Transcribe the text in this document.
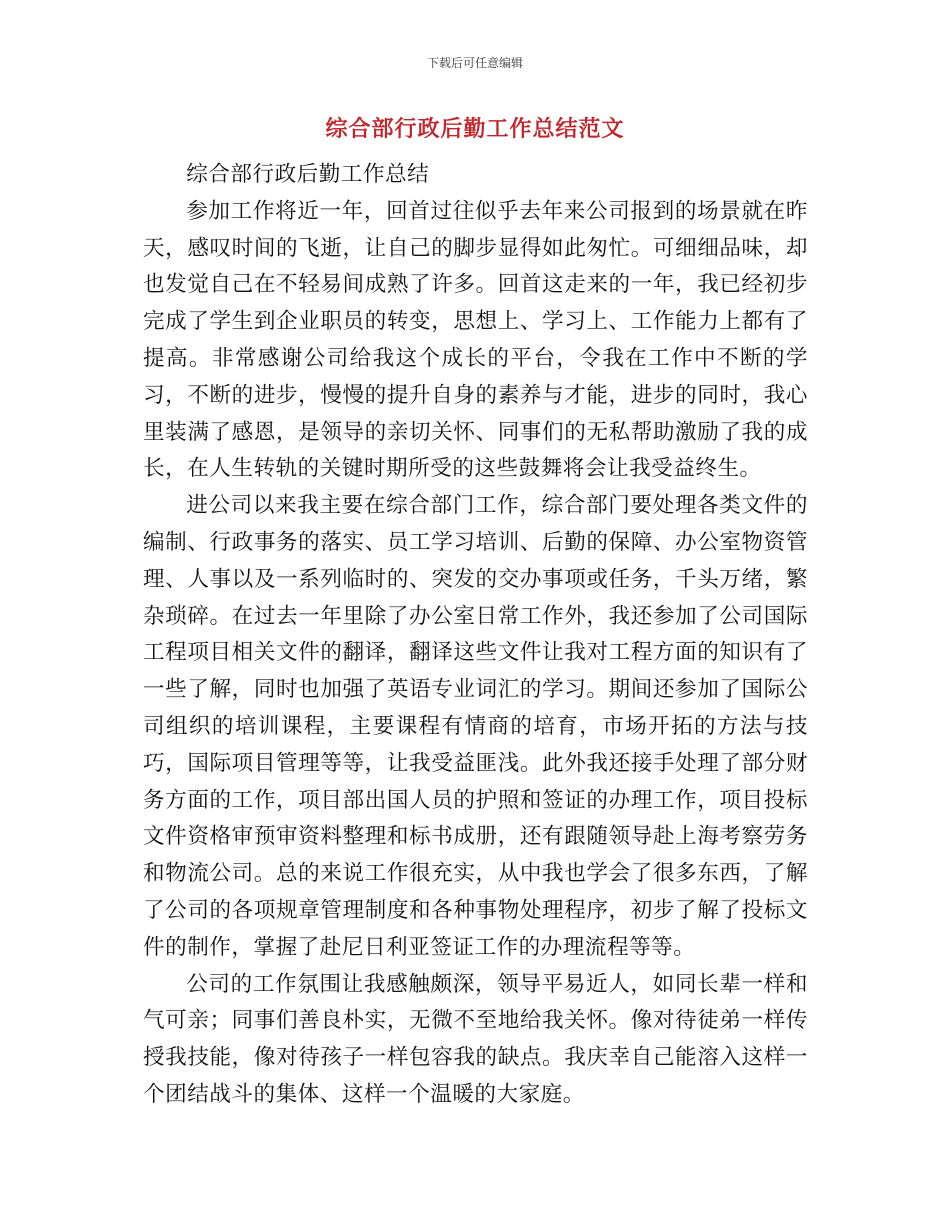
下载后可任意编辑
综合部行政后勤工作总结范文

综合部行政后勤工作总结

参加工作将近一年，回首过往似乎去年来公司报到的场景就在昨天，感叹时间的飞逝，让自己的脚步显得如此匆忙。可细细品味，却也发觉自己在不轻易间成熟了许多。回首这走来的一年，我已经初步完成了学生到企业职员的转变，思想上、学习上、工作能力上都有了提高。非常感谢公司给我这个成长的平台，令我在工作中不断的学习，不断的进步，慢慢的提升自身的素养与才能，进步的同时，我心里装满了感恩，是领导的亲切关怀、同事们的无私帮助激励了我的成长，在人生转轨的关键时期所受的这些鼓舞将会让我受益终生。

进公司以来我主要在综合部门工作，综合部门要处理各类文件的编制、行政事务的落实、员工学习培训、后勤的保障、办公室物资管理、人事以及一系列临时的、突发的交办事项或任务，千头万绪，繁杂琐碎。在过去一年里除了办公室日常工作外，我还参加了公司国际工程项目相关文件的翻译，翻译这些文件让我对工程方面的知识有了一些了解，同时也加强了英语专业词汇的学习。期间还参加了国际公司组织的培训课程，主要课程有情商的培育，市场开拓的方法与技巧，国际项目管理等等，让我受益匪浅。此外我还接手处理了部分财务方面的工作，项目部出国人员的护照和签证的办理工作，项目投标文件资格审预审资料整理和标书成册，还有跟随领导赴上海考察劳务和物流公司。总的来说工作很充实，从中我也学会了很多东西，了解了公司的各项规章管理制度和各种事物处理程序，初步了解了投标文件的制作，掌握了赴尼日利亚签证工作的办理流程等等。

公司的工作氛围让我感触颇深，领导平易近人，如同长辈一样和气可亲；同事们善良朴实，无微不至地给我关怀。像对待徒弟一样传授我技能，像对待孩子一样包容我的缺点。我庆幸自己能溶入这样一个团结战斗的集体、这样一个温暖的大家庭。
